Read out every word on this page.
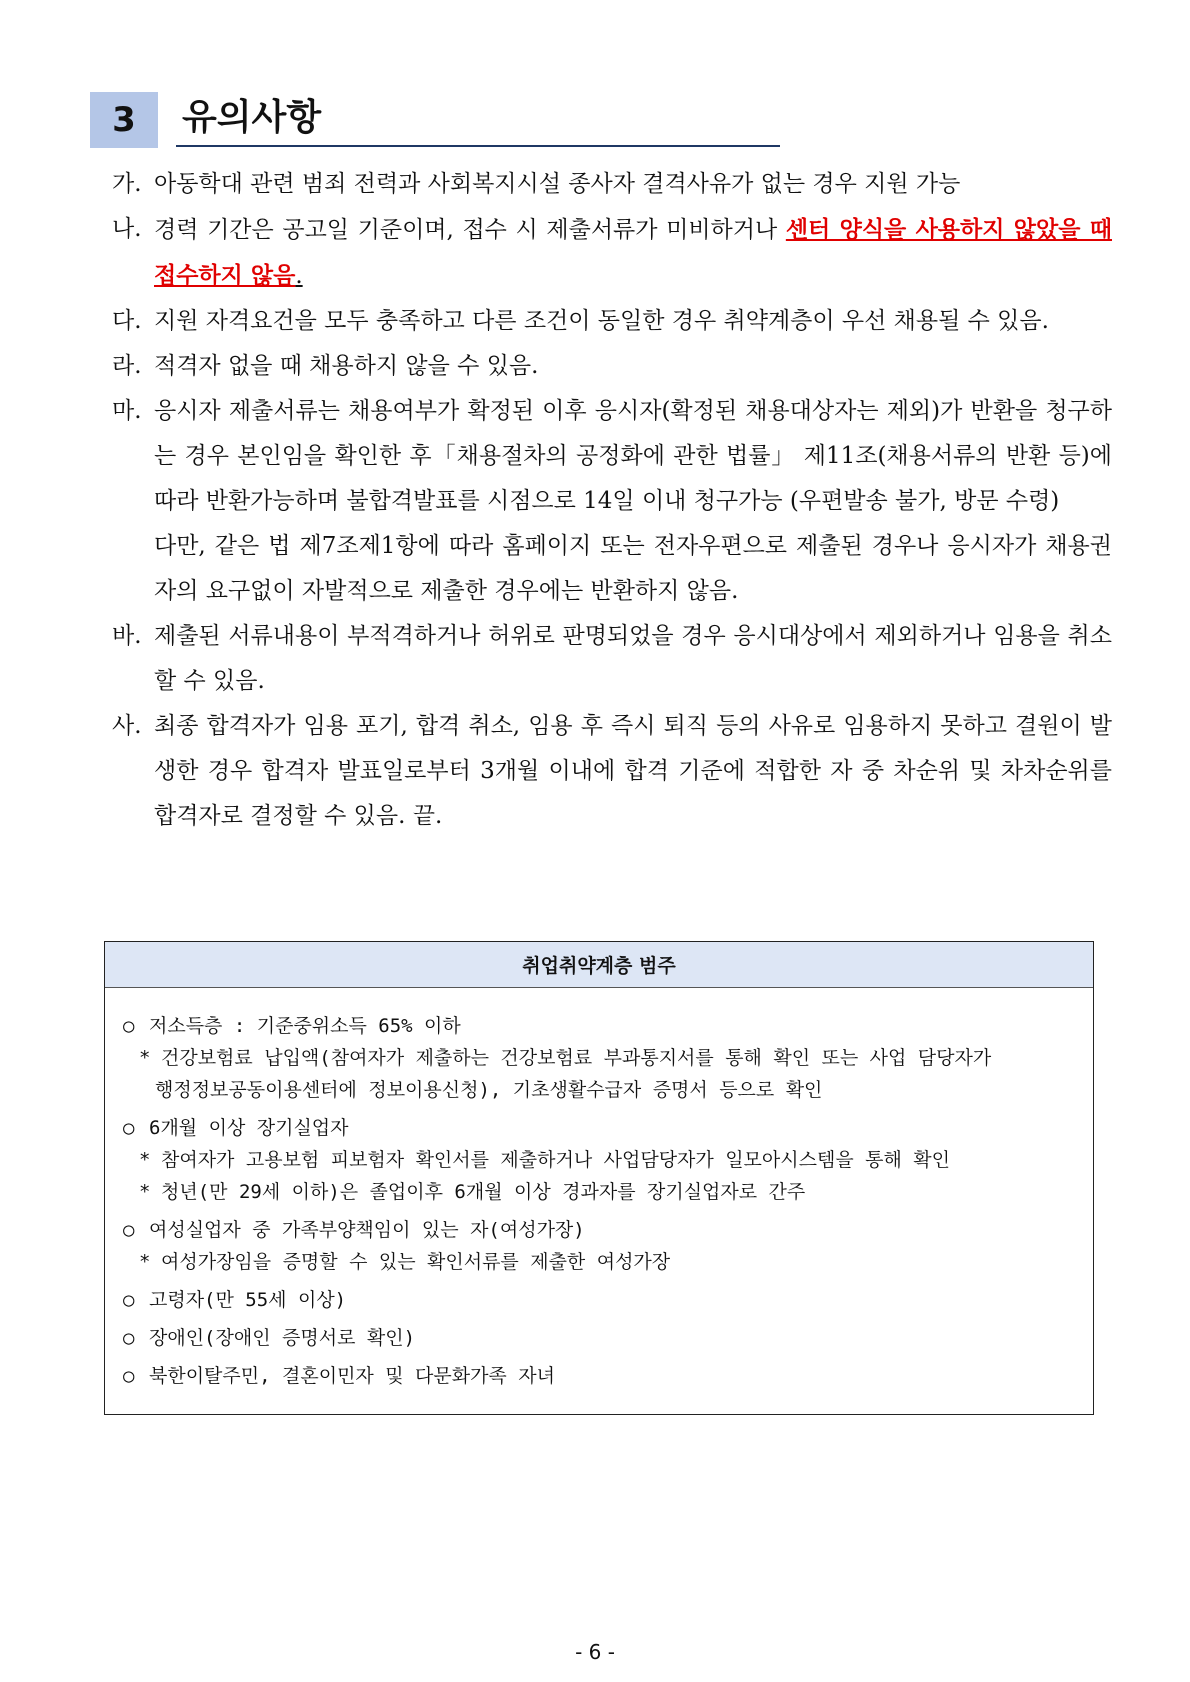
3	유의사항
가. 아동학대 관련 범죄 전력과 사회복지시설 종사자 결격사유가 없는 경우 지원 가능
나. 경력 기간은 공고일 기준이며, 접수 시 제출서류가 미비하거나 센터 양식을 사용하지 않았을 때 접수하지 않음.
다. 지원 자격요건을 모두 충족하고 다른 조건이 동일한 경우 취약계층이 우선 채용될 수 있음.
라. 적격자 없을 때 채용하지 않을 수 있음.
마. 응시자 제출서류는 채용여부가 확정된 이후 응시자(확정된 채용대상자는 제외)가 반환을 청구하는 경우 본인임을 확인한 후「채용절차의 공정화에 관한 법률」 제11조(채용서류의 반환 등)에 따라 반환가능하며 불합격발표를 시점으로 14일 이내 청구가능 (우편발송 불가, 방문 수령)
다만, 같은 법 제7조제1항에 따라 홈페이지 또는 전자우편으로 제출된 경우나 응시자가 채용권자의 요구없이 자발적으로 제출한 경우에는 반환하지 않음.
바. 제출된 서류내용이 부적격하거나 허위로 판명되었을 경우 응시대상에서 제외하거나 임용을 취소할 수 있음.
사. 최종 합격자가 임용 포기, 합격 취소, 임용 후 즉시 퇴직 등의 사유로 임용하지 못하고 결원이 발생한 경우 합격자 발표일로부터 3개월 이내에 합격 기준에 적합한 자 중 차순위 및 차차순위를 합격자로 결정할 수 있음. 끝.
취업취약계층 범주
○ 저소득층 : 기준중위소득 65% 이하
* 건강보험료 납입액(참여자가 제출하는 건강보험료 부과통지서를 통해 확인 또는 사업 담당자가
행정정보공동이용센터에 정보이용신청), 기초생활수급자 증명서 등으로 확인
○ 6개월 이상 장기실업자
* 참여자가 고용보험 피보험자 확인서를 제출하거나 사업담당자가 일모아시스템을 통해 확인
* 청년(만 29세 이하)은 졸업이후 6개월 이상 경과자를 장기실업자로 간주
○ 여성실업자 중 가족부양책임이 있는 자(여성가장)
* 여성가장임을 증명할 수 있는 확인서류를 제출한 여성가장
○ 고령자(만 55세 이상)
○ 장애인(장애인 증명서로 확인)
○ 북한이탈주민, 결혼이민자 및 다문화가족 자녀
- 6 -
